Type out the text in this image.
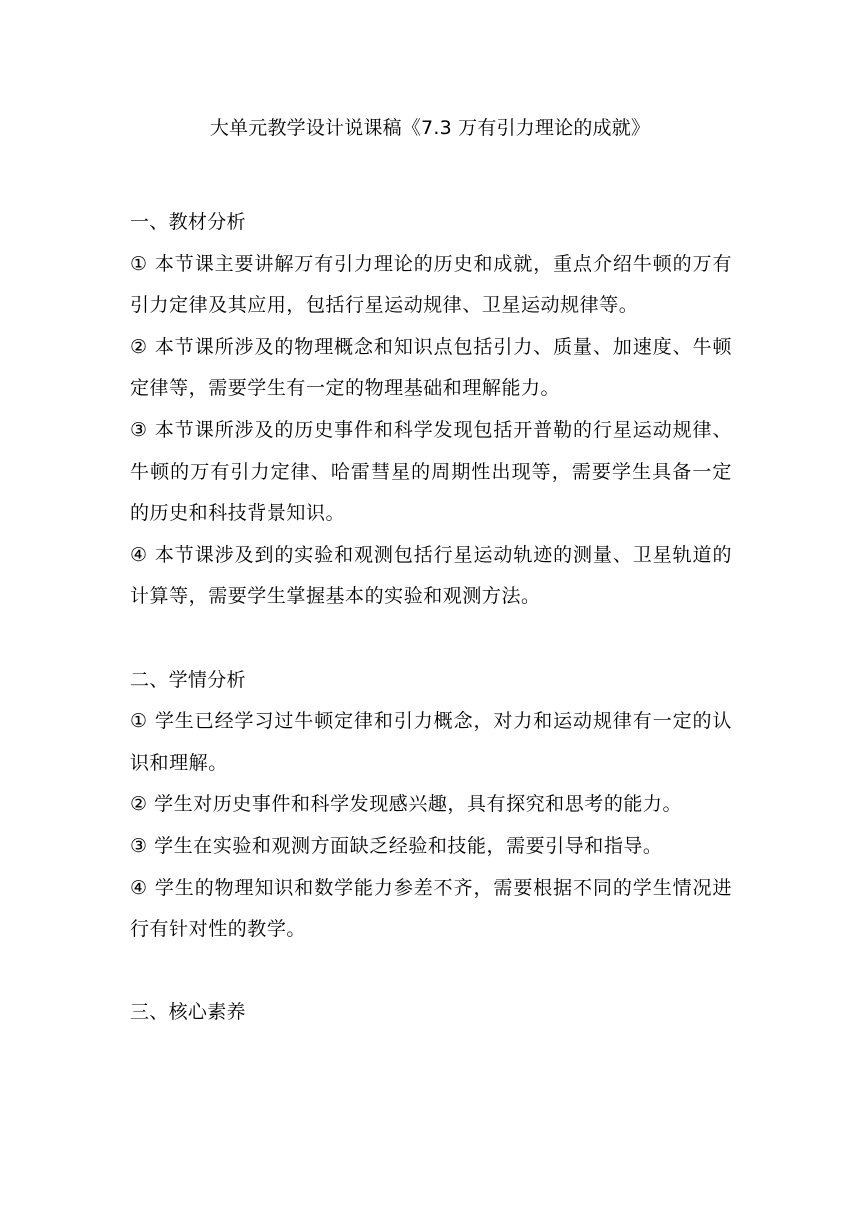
大单元教学设计说课稿《7.3 万有引力理论的成就》

一、教材分析

① 本节课主要讲解万有引力理论的历史和成就，重点介绍牛顿的万有引力定律及其应用，包括行星运动规律、卫星运动规律等。

② 本节课所涉及的物理概念和知识点包括引力、质量、加速度、牛顿定律等，需要学生有一定的物理基础和理解能力。

③ 本节课所涉及的历史事件和科学发现包括开普勒的行星运动规律、牛顿的万有引力定律、哈雷彗星的周期性出现等，需要学生具备一定的历史和科技背景知识。

④ 本节课涉及到的实验和观测包括行星运动轨迹的测量、卫星轨道的计算等，需要学生掌握基本的实验和观测方法。

二、学情分析

① 学生已经学习过牛顿定律和引力概念，对力和运动规律有一定的认识和理解。

② 学生对历史事件和科学发现感兴趣，具有探究和思考的能力。

③ 学生在实验和观测方面缺乏经验和技能，需要引导和指导。

④ 学生的物理知识和数学能力参差不齐，需要根据不同的学生情况进行有针对性的教学。

三、核心素养
